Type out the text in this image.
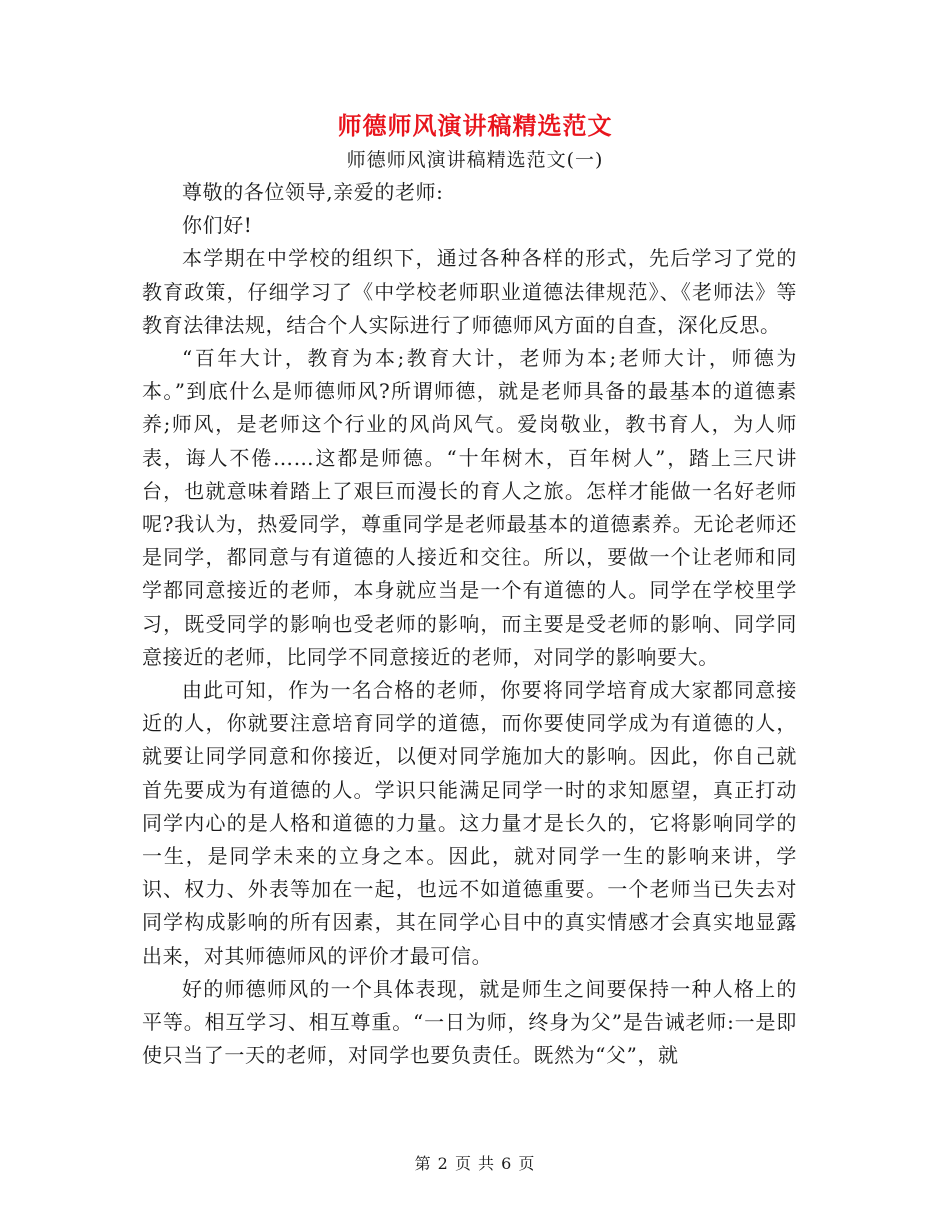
师德师风演讲稿精选范文
师德师风演讲稿精选范文(一)

尊敬的各位领导,亲爱的老师:

你们好!

本学期在中学校的组织下，通过各种各样的形式，先后学习了党的教育政策，仔细学习了《中学校老师职业道德法律规范》、《老师法》等教育法律法规，结合个人实际进行了师德师风方面的自查，深化反思。

“百年大计，教育为本;教育大计，老师为本;老师大计，师德为本。”到底什么是师德师风?所谓师德，就是老师具备的最基本的道德素养;师风，是老师这个行业的风尚风气。爱岗敬业，教书育人，为人师表，诲人不倦……这都是师德。“十年树木，百年树人”，踏上三尺讲台，也就意味着踏上了艰巨而漫长的育人之旅。怎样才能做一名好老师呢?我认为，热爱同学，尊重同学是老师最基本的道德素养。无论老师还是同学，都同意与有道德的人接近和交往。所以，要做一个让老师和同学都同意接近的老师，本身就应当是一个有道德的人。同学在学校里学习，既受同学的影响也受老师的影响，而主要是受老师的影响、同学同意接近的老师，比同学不同意接近的老师，对同学的影响要大。

由此可知，作为一名合格的老师，你要将同学培育成大家都同意接近的人，你就要注意培育同学的道德，而你要使同学成为有道德的人，就要让同学同意和你接近，以便对同学施加大的影响。因此，你自己就首先要成为有道德的人。学识只能满足同学一时的求知愿望，真正打动同学内心的是人格和道德的力量。这力量才是长久的，它将影响同学的一生，是同学未来的立身之本。因此，就对同学一生的影响来讲，学识、权力、外表等加在一起，也远不如道德重要。一个老师当已失去对同学构成影响的所有因素，其在同学心目中的真实情感才会真实地显露出来，对其师德师风的评价才最可信。

好的师德师风的一个具体表现，就是师生之间要保持一种人格上的平等。相互学习、相互尊重。“一日为师，终身为父”是告诫老师:一是即使只当了一天的老师，对同学也要负责任。既然为“父”，就

第 2 页 共 6 页
